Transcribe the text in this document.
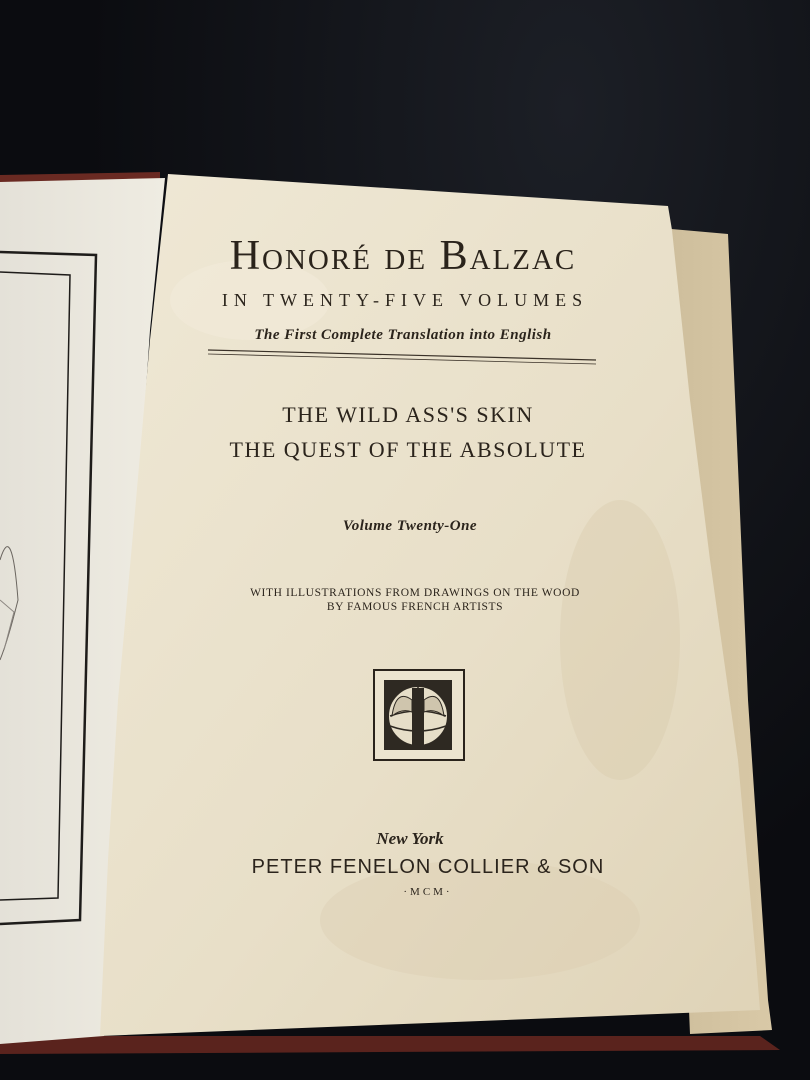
Honoré de Balzac
IN TWENTY-FIVE VOLUMES
The First Complete Translation into English
THE WILD ASS'S SKIN
THE QUEST OF THE ABSOLUTE
Volume Twenty-One
WITH ILLUSTRATIONS FROM DRAWINGS ON THE WOOD
BY FAMOUS FRENCH ARTISTS
New York
PETER FENELON COLLIER & SON
·MCM·
